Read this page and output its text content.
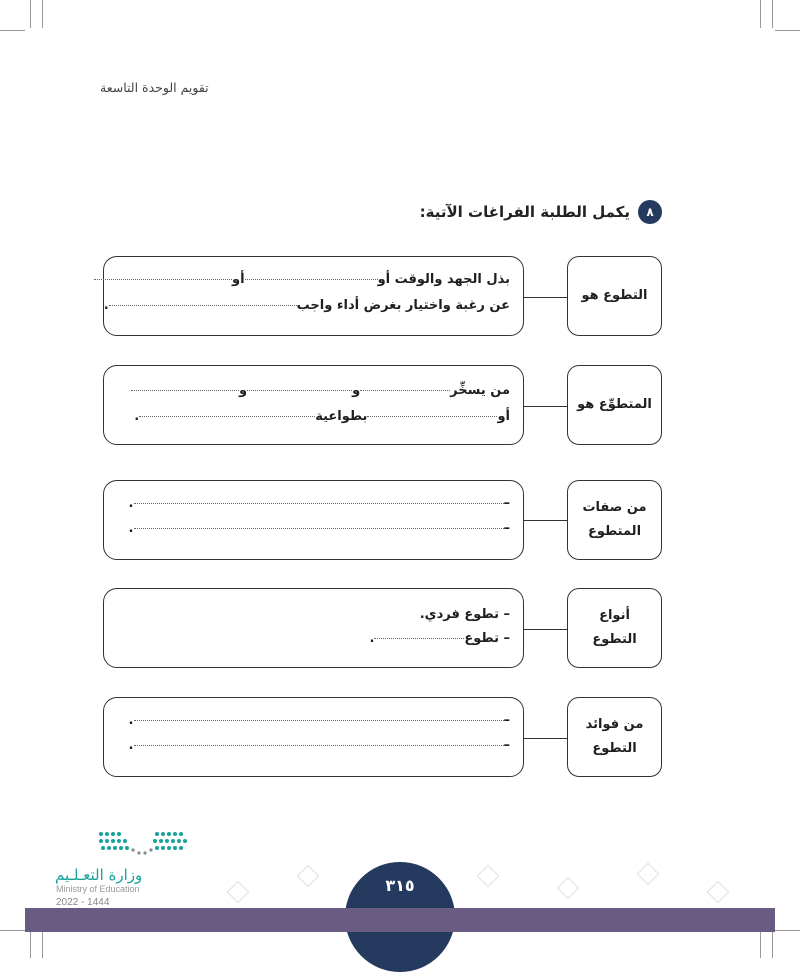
تقويم الوحدة التاسعة
٨
يكمل الطلبة الفراغات الآتية:
التطوع هو
بذل الجهد والوقت أو
أو
عن رغبة واختيار بغرض أداء واجب
.
المتطوِّع هو
من يسخِّر
و
و
أو
بطواعية
.
من صفات
المتطوع
–
.
–
.
أنواع
التطوع
– تطوع فردي.
– تطوع
.
من فوائد
التطوع
–
.
–
.
٣١٥
وزارة التعـلـيم
Ministry of Education
2022 - 1444
